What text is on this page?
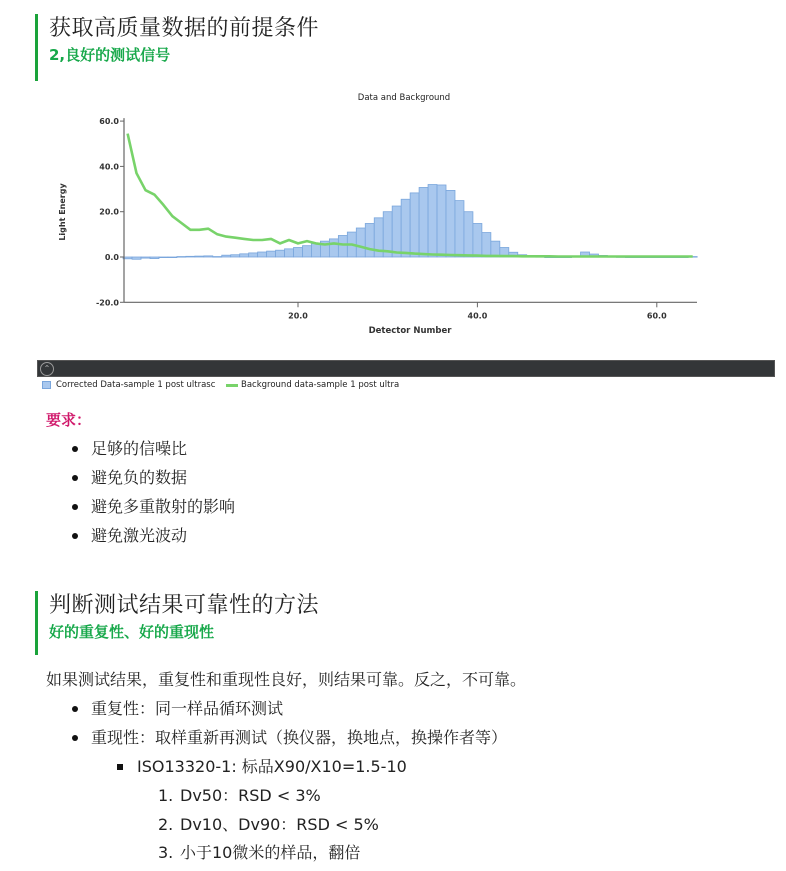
获取高质量数据的前提条件
2,良好的测试信号
Data and Background
60.0
40.0
20.0
0.0
-20.0
20.0	40.0	60.0
Detector Number
Light Energy
⌃
Corrected Data-sample 1 post ultrasc	Background data-sample 1 post ultra
要求：
足够的信噪比
避免负的数据
避免多重散射的影响
避免激光波动
判断测试结果可靠性的方法
好的重复性、好的重现性
如果测试结果，重复性和重现性良好，则结果可靠。反之，不可靠。
重复性：同一样品循环测试
重现性：取样重新再测试（换仪器，换地点，换操作者等）
ISO13320-1: 标品X90/X10=1.5-10
1. Dv50：RSD < 3%
2. Dv10、Dv90：RSD < 5%
3. 小于10微米的样品，翻倍
